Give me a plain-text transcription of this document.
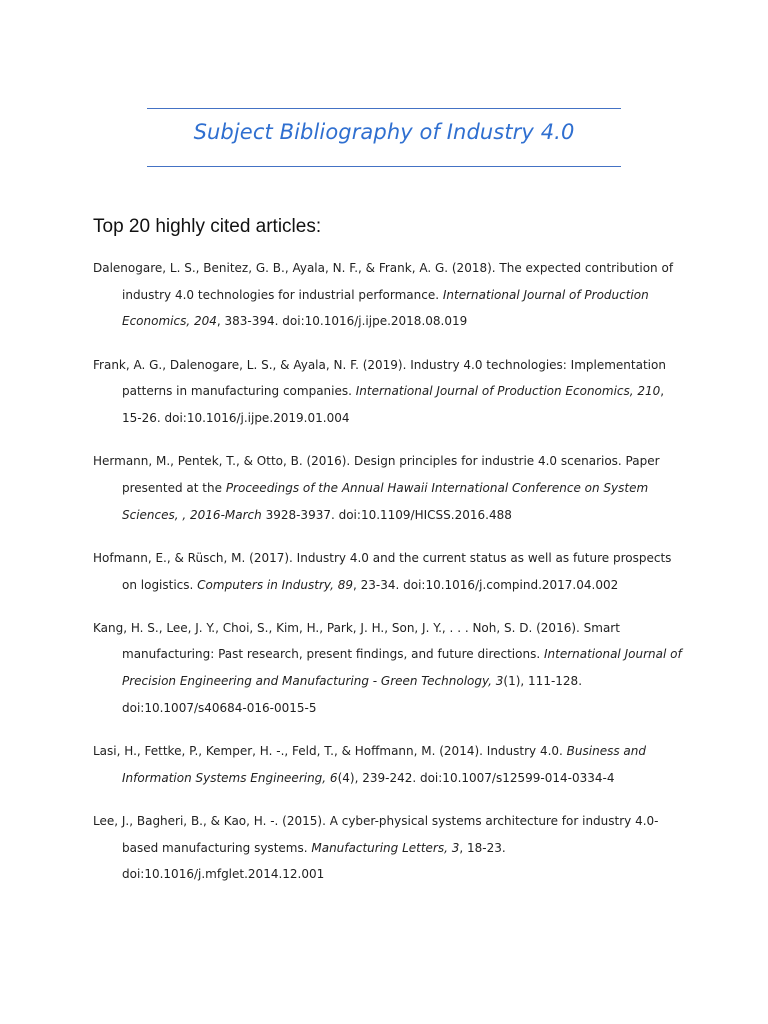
Subject Bibliography of Industry 4.0
Top 20 highly cited articles:
Dalenogare, L. S., Benitez, G. B., Ayala, N. F., & Frank, A. G. (2018). The expected contribution of industry 4.0 technologies for industrial performance. International Journal of Production Economics, 204, 383-394. doi:10.1016/j.ijpe.2018.08.019
Frank, A. G., Dalenogare, L. S., & Ayala, N. F. (2019). Industry 4.0 technologies: Implementation patterns in manufacturing companies. International Journal of Production Economics, 210, 15-26. doi:10.1016/j.ijpe.2019.01.004
Hermann, M., Pentek, T., & Otto, B. (2016). Design principles for industrie 4.0 scenarios. Paper presented at the Proceedings of the Annual Hawaii International Conference on System Sciences, , 2016-March 3928-3937. doi:10.1109/HICSS.2016.488
Hofmann, E., & Rüsch, M. (2017). Industry 4.0 and the current status as well as future prospects on logistics. Computers in Industry, 89, 23-34. doi:10.1016/j.compind.2017.04.002
Kang, H. S., Lee, J. Y., Choi, S., Kim, H., Park, J. H., Son, J. Y., . . . Noh, S. D. (2016). Smart manufacturing: Past research, present findings, and future directions. International Journal of Precision Engineering and Manufacturing - Green Technology, 3(1), 111-128. doi:10.1007/s40684-016-0015-5
Lasi, H., Fettke, P., Kemper, H. -., Feld, T., & Hoffmann, M. (2014). Industry 4.0. Business and Information Systems Engineering, 6(4), 239-242. doi:10.1007/s12599-014-0334-4
Lee, J., Bagheri, B., & Kao, H. -. (2015). A cyber-physical systems architecture for industry 4.0-based manufacturing systems. Manufacturing Letters, 3, 18-23. doi:10.1016/j.mfglet.2014.12.001
